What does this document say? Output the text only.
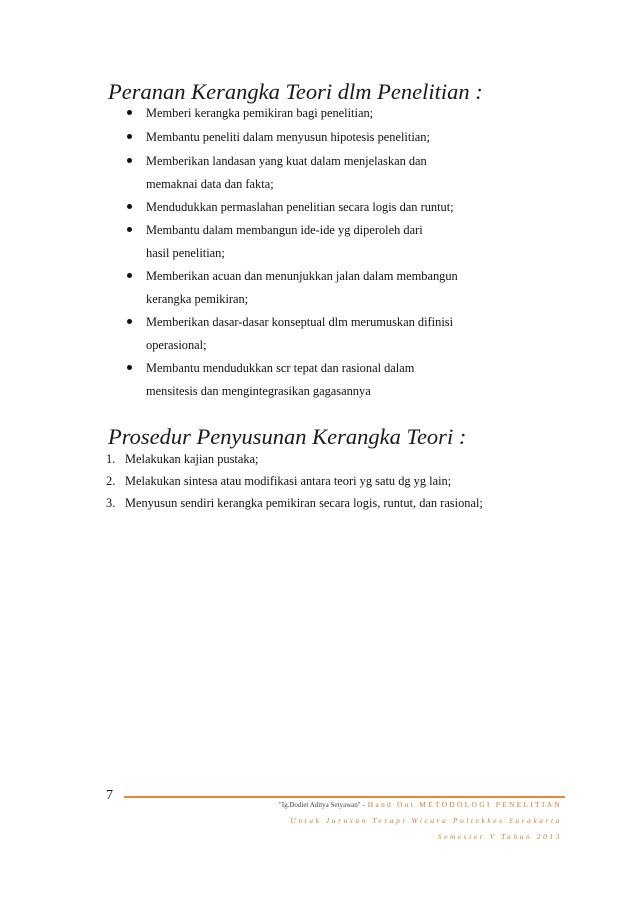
Peranan Kerangka Teori dlm Penelitian :
Memberi kerangka pemikiran bagi penelitian;
Membantu peneliti dalam menyusun hipotesis penelitian;
Memberikan landasan yang kuat dalam menjelaskan dan
memaknai data dan fakta;
Mendudukkan permaslahan penelitian secara logis dan runtut;
Membantu dalam membangun ide-ide yg diperoleh dari
hasil penelitian;
Memberikan acuan dan menunjukkan jalan dalam membangun
kerangka pemikiran;
Memberikan dasar-dasar konseptual dlm merumuskan difinisi
operasional;
Membantu mendudukkan scr tepat dan rasional dalam
mensitesis dan mengintegrasikan gagasannya
Prosedur Penyusunan Kerangka Teori :
1. Melakukan kajian pustaka;
2. Melakukan sintesa atau modifikasi antara teori yg satu dg yg lain;
3. Menyusun sendiri kerangka pemikiran secara logis, runtut, dan rasional;
7
"Ig.Dodiet Aditya Setyawan" - Hand Out METODOLOGI PENELITIAN
Untuk Jurusan Terapi Wicara Poltekkes Surakarta
Semester V Tahun 2013
